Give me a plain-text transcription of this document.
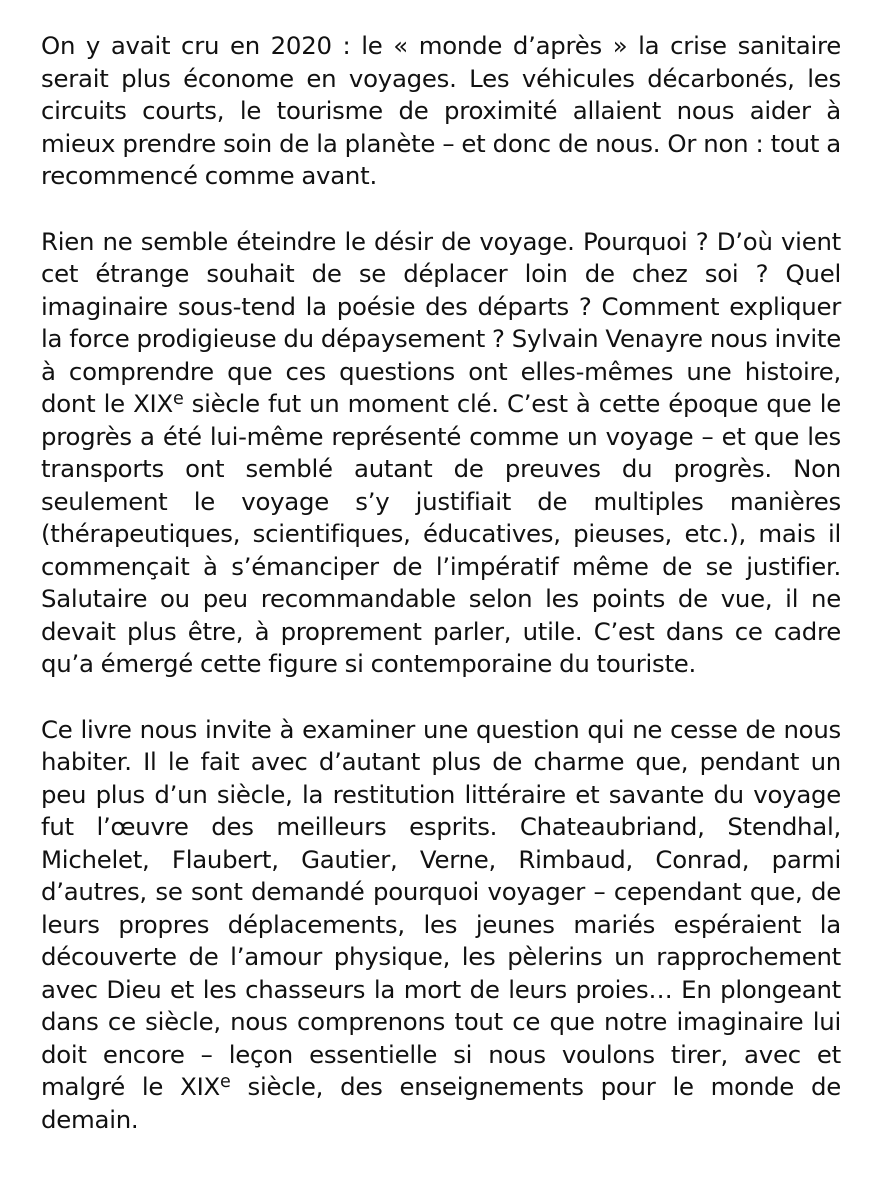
On y avait cru en 2020 : le « monde d’après » la crise sanitaire serait plus économe en voyages. Les véhicules décarbonés, les circuits courts, le tourisme de proximité allaient nous aider à mieux prendre soin de la planète – et donc de nous. Or non : tout a recommencé comme avant.

Rien ne semble éteindre le désir de voyage. Pourquoi ? D’où vient cet étrange souhait de se déplacer loin de chez soi ? Quel imaginaire sous-tend la poésie des départs ? Comment expliquer la force prodigieuse du dépaysement ? Sylvain Venayre nous invite à comprendre que ces questions ont elles-mêmes une histoire, dont le XIXe siècle fut un moment clé. C’est à cette époque que le progrès a été lui-même représenté comme un voyage – et que les transports ont semblé autant de preuves du progrès. Non seulement le voyage s’y justifiait de multiples manières (thérapeutiques, scientifiques, éducatives, pieuses, etc.), mais il commençait à s’émanciper de l’impératif même de se justifier. Salutaire ou peu recommandable selon les points de vue, il ne devait plus être, à proprement parler, utile. C’est dans ce cadre qu’a émergé cette figure si contemporaine du touriste.

Ce livre nous invite à examiner une question qui ne cesse de nous habiter. Il le fait avec d’autant plus de charme que, pendant un peu plus d’un siècle, la restitution littéraire et savante du voyage fut l’œuvre des meilleurs esprits. Chateaubriand, Stendhal, Michelet, Flaubert, Gautier, Verne, Rimbaud, Conrad, parmi d’autres, se sont demandé pourquoi voyager – cependant que, de leurs propres déplacements, les jeunes mariés espéraient la découverte de l’amour physique, les pèlerins un rapprochement avec Dieu et les chasseurs la mort de leurs proies… En plongeant dans ce siècle, nous comprenons tout ce que notre imaginaire lui doit encore – leçon essentielle si nous voulons tirer, avec et malgré le XIXe siècle, des enseignements pour le monde de demain.
